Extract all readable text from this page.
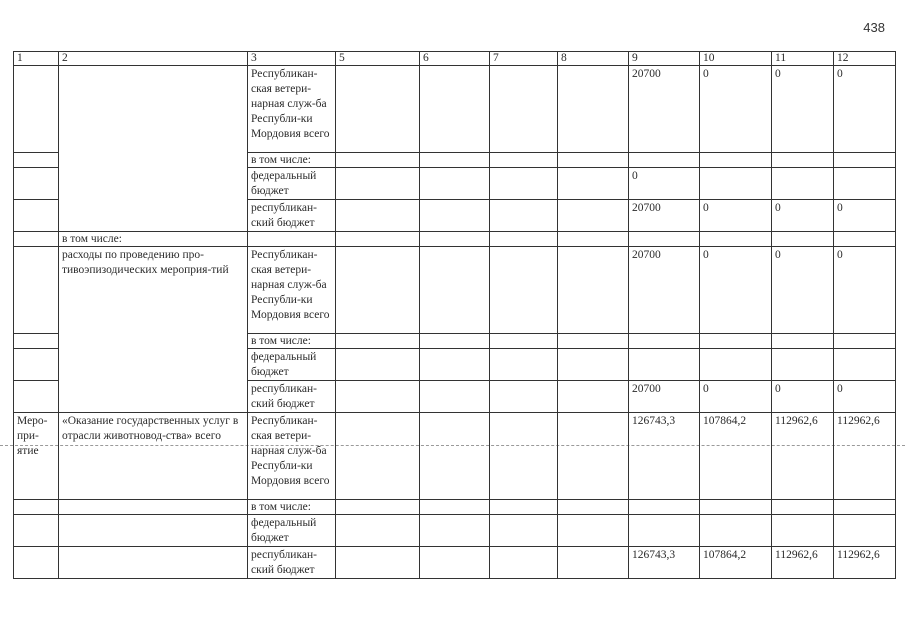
438
1	2	3	5	6	7	8	9	10	11	12
		Республикан-ская ветери-нарная служ-ба Республи-ки Мордовия всего					20700	0	0	0
		в том числе:								
		федеральный бюджет					0			
		республикан-ский бюджет					20700	0	0	0
	в том числе:									
	расходы по проведению про-тивоэпизодических мероприя-тий	Республикан-ская ветери-нарная служ-ба Республи-ки Мордовия всего					20700	0	0	0
		в том числе:								
		федеральный бюджет								
		республикан-ский бюджет					20700	0	0	0
Меро-при-ятие	«Оказание государственных услуг в отрасли животновод-ства» всего	Республикан-ская ветери-нарная служ-ба Республи-ки Мордовия всего					126743,3	107864,2	112962,6	112962,6
		в том числе:								
		федеральный бюджет								
		республикан-ский бюджет					126743,3	107864,2	112962,6	112962,6
